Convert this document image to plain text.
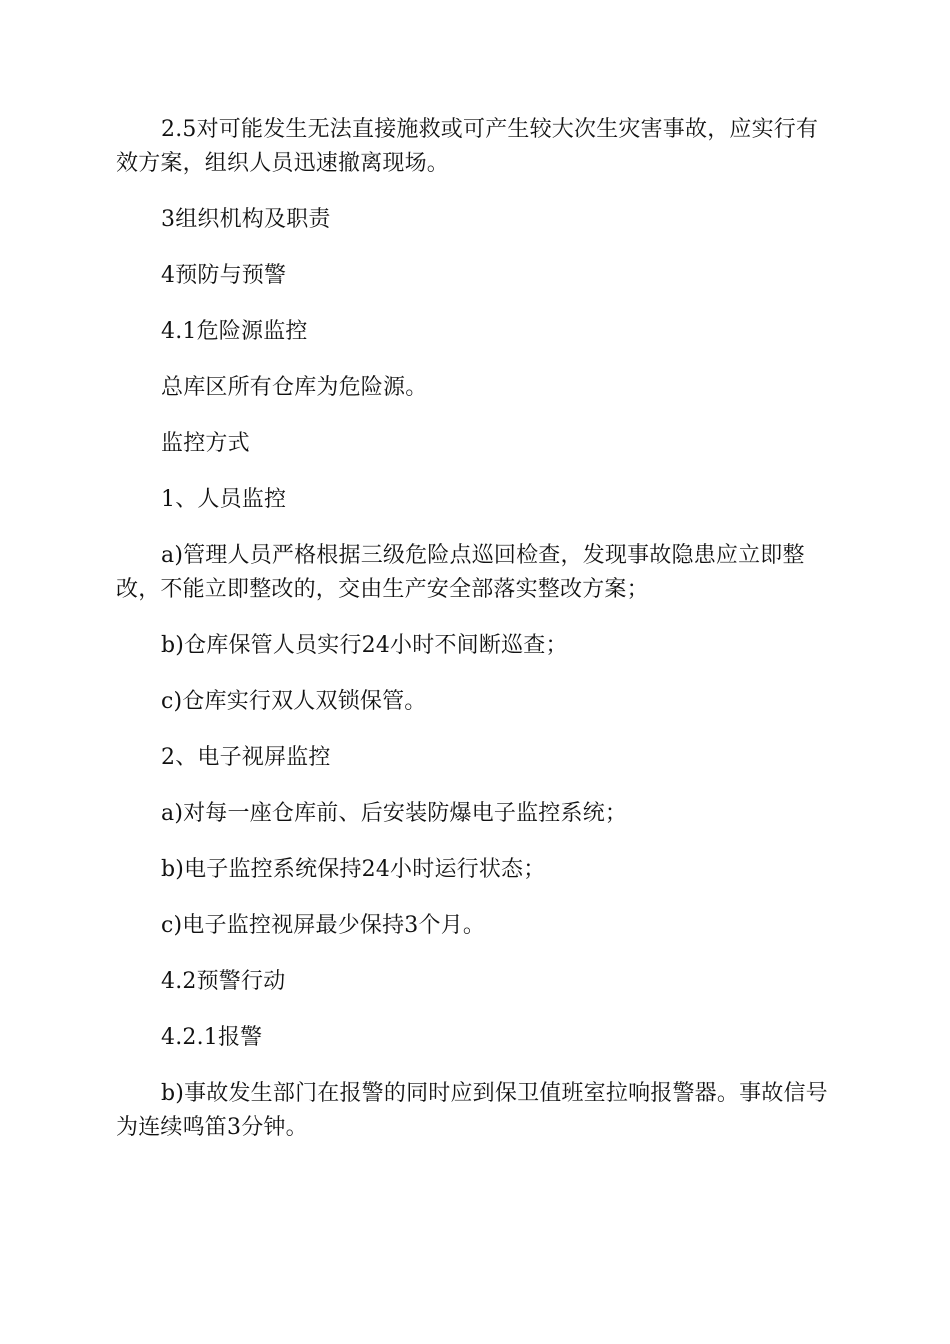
2.5对可能发生无法直接施救或可产生较大次生灾害事故，应实行有效方案，组织人员迅速撤离现场。

3组织机构及职责

4预防与预警

4.1危险源监控

总库区所有仓库为危险源。

监控方式

1、人员监控

a)管理人员严格根据三级危险点巡回检查，发现事故隐患应立即整改，不能立即整改的，交由生产安全部落实整改方案；

b)仓库保管人员实行24小时不间断巡查；

c)仓库实行双人双锁保管。

2、电子视屏监控

a)对每一座仓库前、后安装防爆电子监控系统；

b)电子监控系统保持24小时运行状态；

c)电子监控视屏最少保持3个月。

4.2预警行动

4.2.1报警

b)事故发生部门在报警的同时应到保卫值班室拉响报警器。事故信号为连续鸣笛3分钟。
